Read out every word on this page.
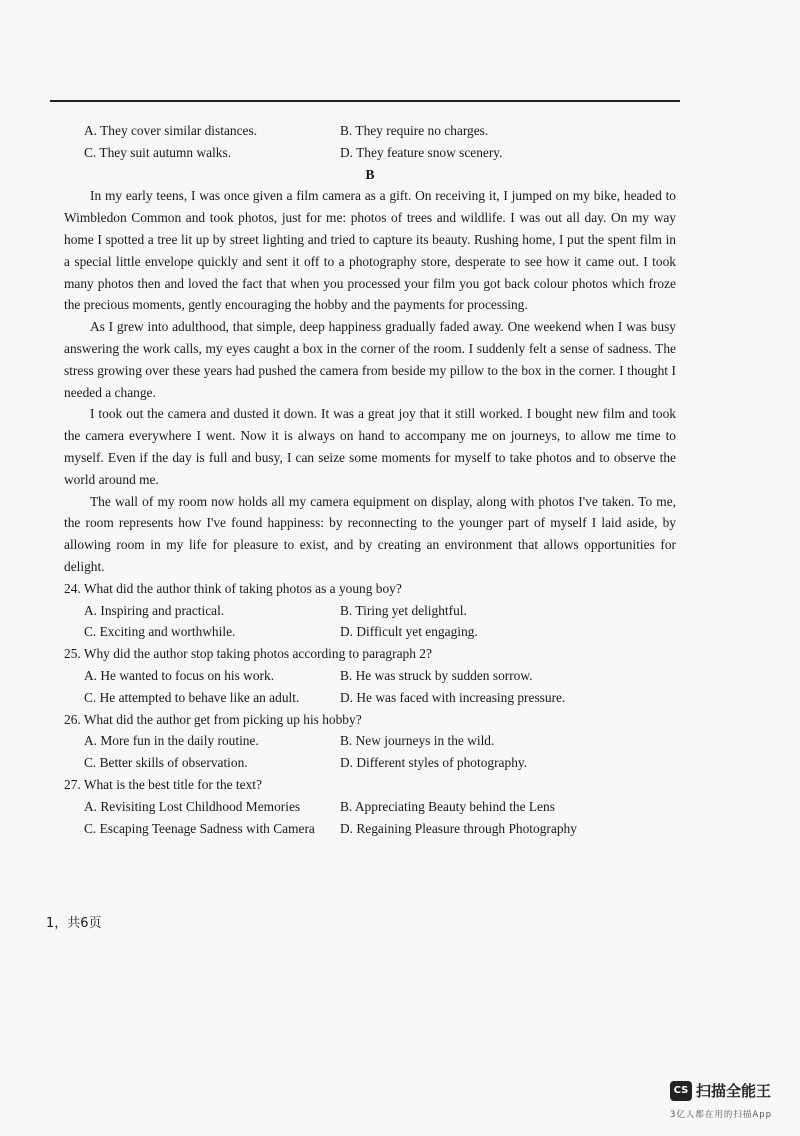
A. They cover similar distances.	B. They require no charges.
C. They suit autumn walks.	D. They feature snow scenery.

B

In my early teens, I was once given a film camera as a gift. On receiving it, I jumped on my bike, headed to Wimbledon Common and took photos, just for me: photos of trees and wildlife. I was out all day. On my way home I spotted a tree lit up by street lighting and tried to capture its beauty. Rushing home, I put the spent film in a special little envelope quickly and sent it off to a photography store, desperate to see how it came out. I took many photos then and loved the fact that when you processed your film you got back colour photos which froze the precious moments, gently encouraging the hobby and the payments for processing.

As I grew into adulthood, that simple, deep happiness gradually faded away. One weekend when I was busy answering the work calls, my eyes caught a box in the corner of the room. I suddenly felt a sense of sadness. The stress growing over these years had pushed the camera from beside my pillow to the box in the corner. I thought I needed a change.

I took out the camera and dusted it down. It was a great joy that it still worked. I bought new film and took the camera everywhere I went. Now it is always on hand to accompany me on journeys, to allow me time to myself. Even if the day is full and busy, I can seize some moments for myself to take photos and to observe the world around me.

The wall of my room now holds all my camera equipment on display, along with photos I've taken. To me, the room represents how I've found happiness: by reconnecting to the younger part of myself I laid aside, by allowing room in my life for pleasure to exist, and by creating an environment that allows opportunities for delight.

24. What did the author think of taking photos as a young boy?

A. Inspiring and practical.	B. Tiring yet delightful.
C. Exciting and worthwhile.	D. Difficult yet engaging.

25. Why did the author stop taking photos according to paragraph 2?

A. He wanted to focus on his work.	B. He was struck by sudden sorrow.
C. He attempted to behave like an adult.	D. He was faced with increasing pressure.

26. What did the author get from picking up his hobby?

A. More fun in the daily routine.	B. New journeys in the wild.
C. Better skills of observation.	D. Different styles of photography.

27. What is the best title for the text?

A. Revisiting Lost Childhood Memories	B. Appreciating Beauty behind the Lens
C. Escaping Teenage Sadness with Camera	D. Regaining Pleasure through Photography
1，共6页
CS 扫描全能王
3亿人都在用的扫描App
